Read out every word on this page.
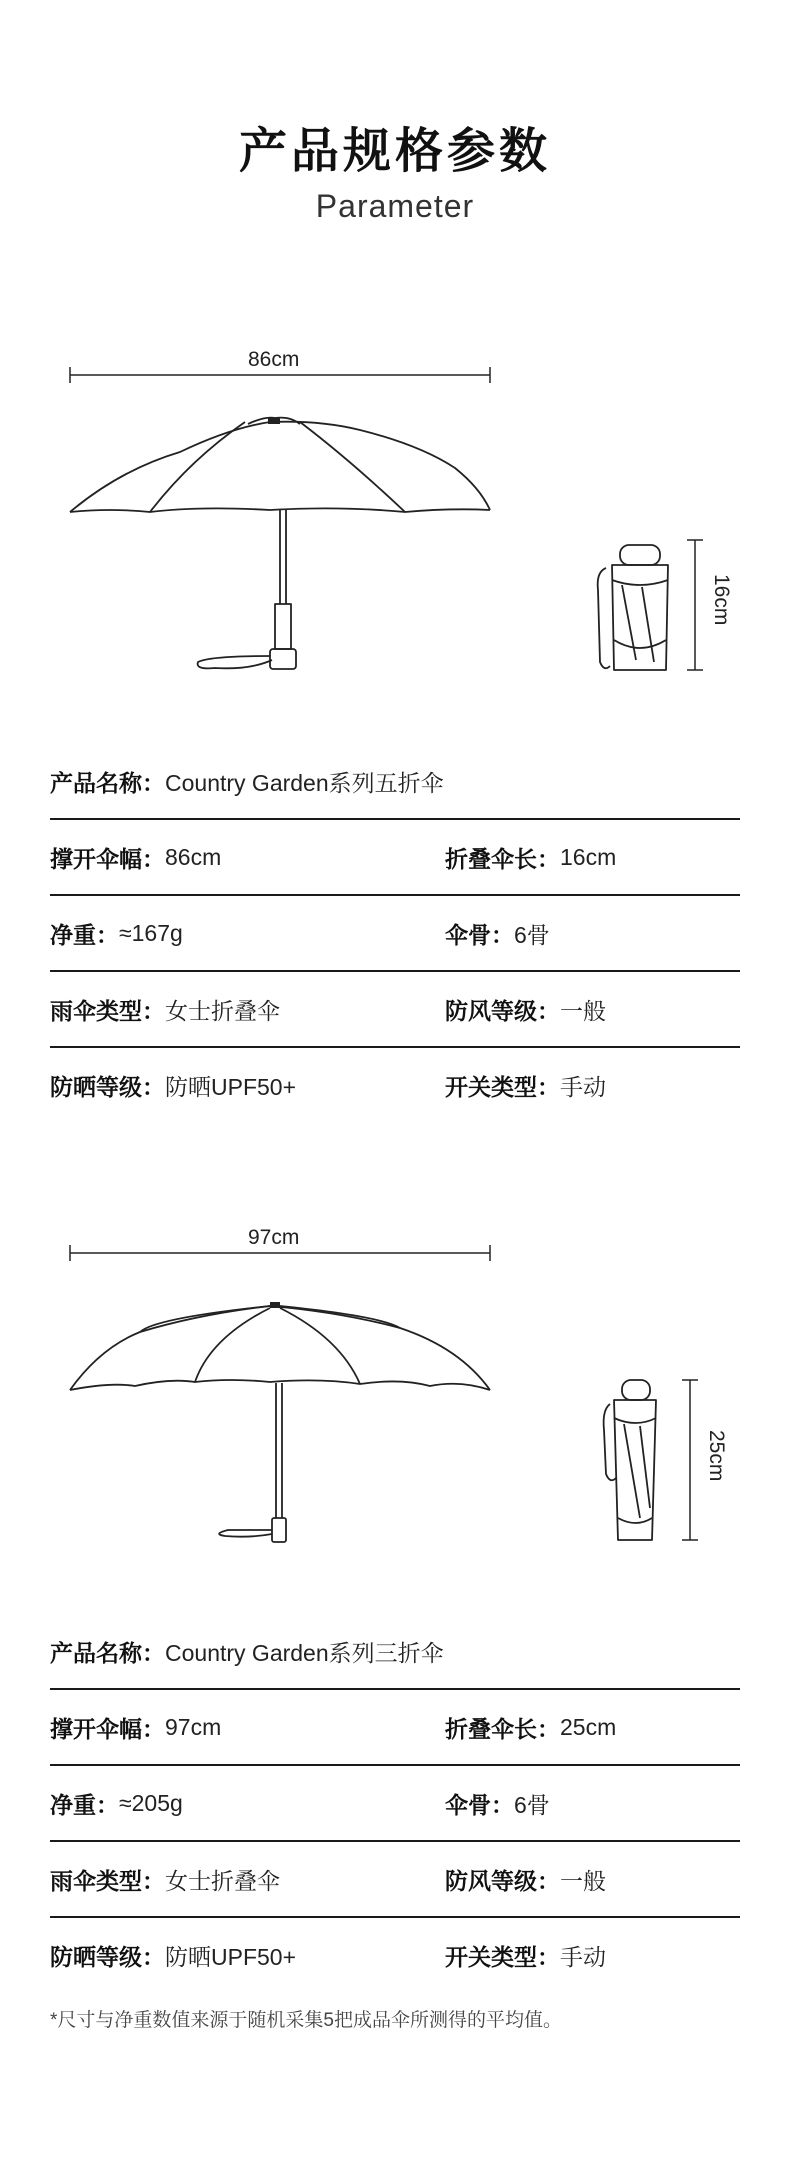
产品规格参数
Parameter
86cm
16cm
产品名称： Country Garden系列五折伞
撑开伞幅： 86cm	折叠伞长： 16cm
净重： ≈167g	伞骨： 6骨
雨伞类型： 女士折叠伞	防风等级： 一般
防晒等级： 防晒UPF50+	开关类型： 手动
97cm
25cm
产品名称： Country Garden系列三折伞
撑开伞幅： 97cm	折叠伞长： 25cm
净重： ≈205g	伞骨： 6骨
雨伞类型： 女士折叠伞	防风等级： 一般
防晒等级： 防晒UPF50+	开关类型： 手动
*尺寸与净重数值来源于随机采集5把成品伞所测得的平均值。
